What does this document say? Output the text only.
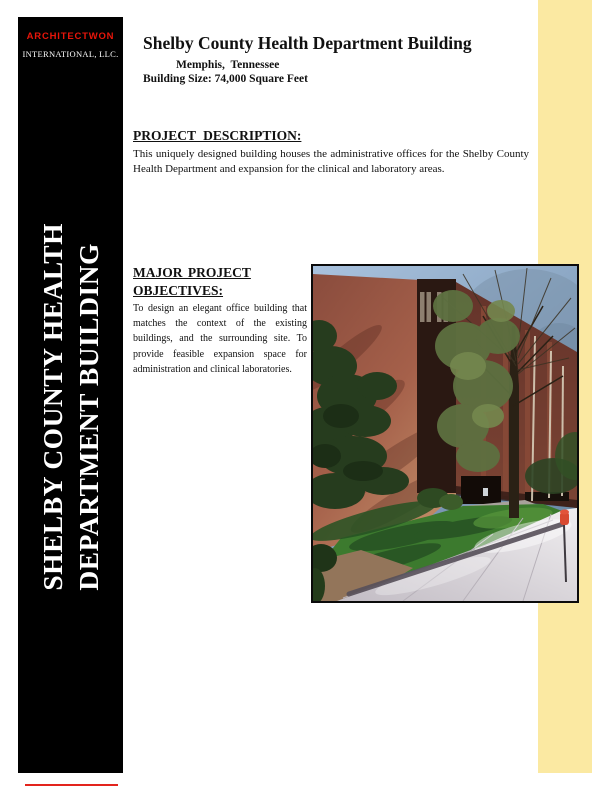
ARCHITECTWON
INTERNATIONAL, LLC.
SHELBY COUNTY HEALTH DEPARTMENT BUILDING
Shelby County Health Department Building
Memphis, Tennessee
Building Size: 74,000 Square Feet
PROJECT DESCRIPTION:
This uniquely designed building houses the administrative offices for the Shelby County Health Department and expansion for the clinical and laboratory areas.
MAJOR PROJECT OBJECTIVES:
To design an elegant office building that matches the context of the existing buildings, and the surrounding site. To provide feasible expansion space for administration and clinical laboratories.
